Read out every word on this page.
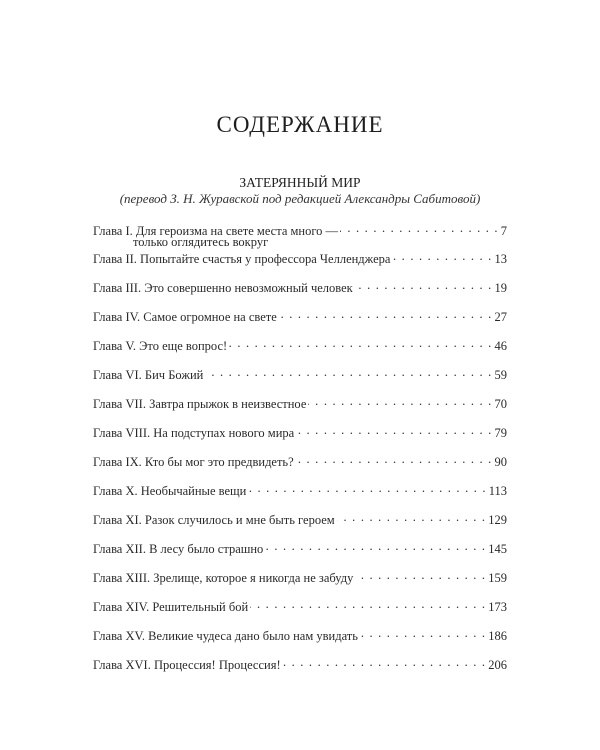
СОДЕРЖАНИЕ
ЗАТЕРЯННЫЙ МИР
(перевод З. Н. Журавской под редакцией Александры Сабитовой)
Глава I. Для героизма на свете места много — . . .	7
только оглядитесь вокруг
Глава II. Попытайте счастья у профессора Челленджера . . .	13
Глава III. Это совершенно невозможный человек . . .	19
Глава IV. Самое огромное на свете . . .	27
Глава V. Это еще вопрос! . . .	46
Глава VI. Бич Божий . . .	59
Глава VII. Завтра прыжок в неизвестное . . .	70
Глава VIII. На подступах нового мира . . .	79
Глава IX. Кто бы мог это предвидеть? . . .	90
Глава X. Необычайные вещи . . .	113
Глава XI. Разок случилось и мне быть героем . . .	129
Глава XII. В лесу было страшно . . .	145
Глава XIII. Зрелище, которое я никогда не забуду . . .	159
Глава XIV. Решительный бой . . .	173
Глава XV. Великие чудеса дано было нам увидать . . .	186
Глава XVI. Процессия! Процессия! . . .	206
